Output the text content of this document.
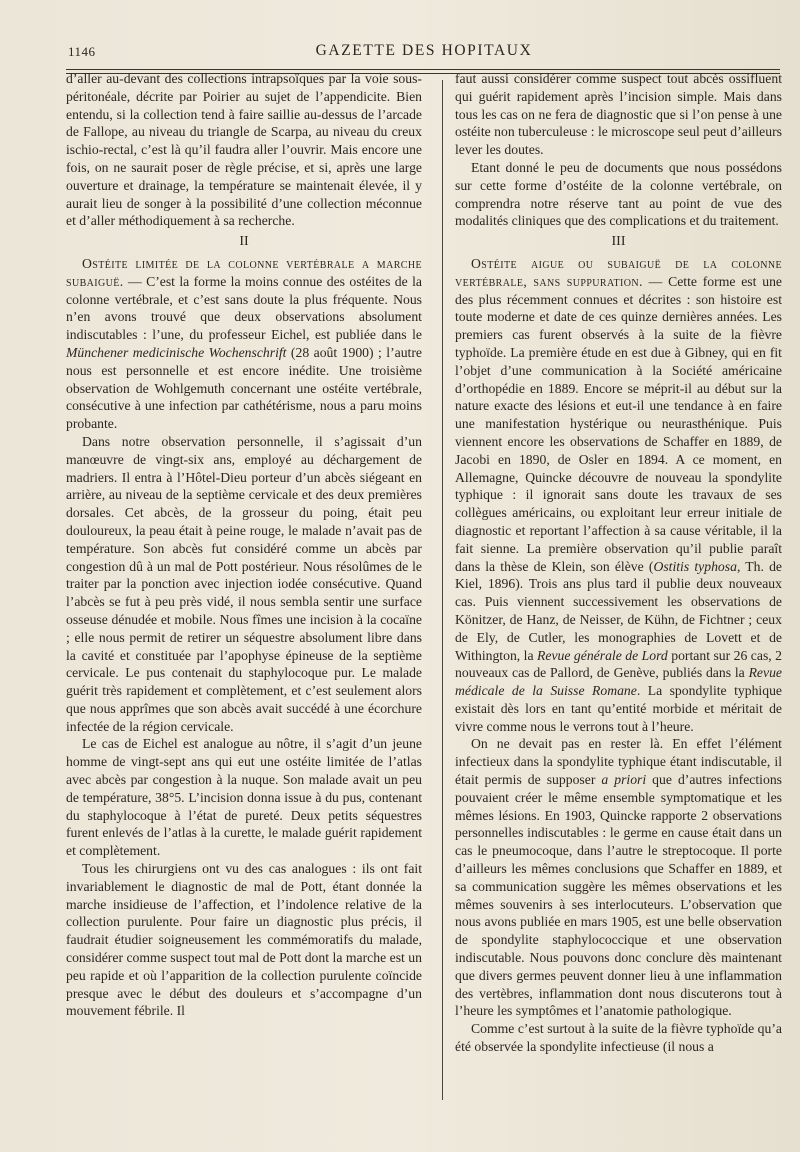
1146	GAZETTE DES HOPITAUX

d’aller au-devant des collections intrapsoïques par la voie sous-péritonéale, décrite par Poirier au sujet de l’appendicite. Bien entendu, si la collection tend à faire saillie au-dessus de l’arcade de Fallope, au niveau du triangle de Scarpa, au niveau du creux ischio-rectal, c’est là qu’il faudra aller l’ouvrir. Mais encore une fois, on ne saurait poser de règle précise, et si, après une large ouverture et drainage, la température se maintenait élevée, il y aurait lieu de songer à la possibilité d’une collection méconnue et d’aller méthodiquement à sa recherche.

II

Ostéite limitée de la colonne vertébrale a marche subaiguë. — C’est la forme la moins connue des ostéites de la colonne vertébrale, et c’est sans doute la plus fréquente. Nous n’en avons trouvé que deux observations absolument indiscutables : l’une, du professeur Eichel, est publiée dans le Münchener medicinische Wochenschrift (28 août 1900) ; l’autre nous est personnelle et est encore inédite. Une troisième observation de Wohlgemuth concernant une ostéite vertébrale, consécutive à une infection par cathétérisme, nous a paru moins probante.

Dans notre observation personnelle, il s’agissait d’un manœuvre de vingt-six ans, employé au déchargement de madriers. Il entra à l’Hôtel-Dieu porteur d’un abcès siégeant en arrière, au niveau de la septième cervicale et des deux premières dorsales. Cet abcès, de la grosseur du poing, était peu douloureux, la peau était à peine rouge, le malade n’avait pas de température. Son abcès fut considéré comme un abcès par congestion dû à un mal de Pott postérieur. Nous résolûmes de le traiter par la ponction avec injection iodée consécutive. Quand l’abcès se fut à peu près vidé, il nous sembla sentir une surface osseuse dénudée et mobile. Nous fîmes une incision à la cocaïne ; elle nous permit de retirer un séquestre absolument libre dans la cavité et constituée par l’apophyse épineuse de la septième cervicale. Le pus contenait du staphylocoque pur. Le malade guérit très rapidement et complètement, et c’est seulement alors que nous apprîmes que son abcès avait succédé à une écorchure infectée de la région cervicale.

Le cas de Eichel est analogue au nôtre, il s’agit d’un jeune homme de vingt-sept ans qui eut une ostéite limitée de l’atlas avec abcès par congestion à la nuque. Son malade avait un peu de température, 38°5. L’incision donna issue à du pus, contenant du staphylocoque à l’état de pureté. Deux petits séquestres furent enlevés de l’atlas à la curette, le malade guérit rapidement et complètement.

Tous les chirurgiens ont vu des cas analogues : ils ont fait invariablement le diagnostic de mal de Pott, étant donnée la marche insidieuse de l’affection, et l’indolence relative de la collection purulente. Pour faire un diagnostic plus précis, il faudrait étudier soigneusement les commémoratifs du malade, considérer comme suspect tout mal de Pott dont la marche est un peu rapide et où l’apparition de la collection purulente coïncide presque avec le début des douleurs et s’accompagne d’un mouvement fébrile. Il

faut aussi considérer comme suspect tout abcès ossifluent qui guérit rapidement après l’incision simple. Mais dans tous les cas on ne fera de diagnostic que si l’on pense à une ostéite non tuberculeuse : le microscope seul peut d’ailleurs lever les doutes.

Etant donné le peu de documents que nous possédons sur cette forme d’ostéite de la colonne vertébrale, on comprendra notre réserve tant au point de vue des modalités cliniques que des complications et du traitement.

III

Ostéite aigue ou subaiguë de la colonne vertébrale, sans suppuration. — Cette forme est une des plus récemment connues et décrites : son histoire est toute moderne et date de ces quinze dernières années. Les premiers cas furent observés à la suite de la fièvre typhoïde. La première étude en est due à Gibney, qui en fit l’objet d’une communication à la Société américaine d’orthopédie en 1889. Encore se méprit-il au début sur la nature exacte des lésions et eut-il une tendance à en faire une manifestation hystérique ou neurasthénique. Puis viennent encore les observations de Schaffer en 1889, de Jacobi en 1890, de Osler en 1894. A ce moment, en Allemagne, Quincke découvre de nouveau la spondylite typhique : il ignorait sans doute les travaux de ses collègues américains, ou exploitant leur erreur initiale de diagnostic et reportant l’affection à sa cause véritable, il la fait sienne. La première observation qu’il publie paraît dans la thèse de Klein, son élève (Ostitis typhosa, Th. de Kiel, 1896). Trois ans plus tard il publie deux nouveaux cas. Puis viennent successivement les observations de Könitzer, de Hanz, de Neisser, de Kühn, de Fichtner ; ceux de Ely, de Cutler, les monographies de Lovett et de Withington, la Revue générale de Lord portant sur 26 cas, 2 nouveaux cas de Pallord, de Genève, publiés dans la Revue médicale de la Suisse Romane. La spondylite typhique existait dès lors en tant qu’entité morbide et méritait de vivre comme nous le verrons tout à l’heure.

On ne devait pas en rester là. En effet l’élément infectieux dans la spondylite typhique étant indiscutable, il était permis de supposer a priori que d’autres infections pouvaient créer le même ensemble symptomatique et les mêmes lésions. En 1903, Quincke rapporte 2 observations personnelles indiscutables : le germe en cause était dans un cas le pneumocoque, dans l’autre le streptocoque. Il porte d’ailleurs les mêmes conclusions que Schaffer en 1889, et sa communication suggère les mêmes observations et les mêmes souvenirs à ses interlocuteurs. L’observation que nous avons publiée en mars 1905, est une belle observation de spondylite staphylococcique et une observation indiscutable. Nous pouvons donc conclure dès maintenant que divers germes peuvent donner lieu à une inflammation des vertèbres, inflammation dont nous discuterons tout à l’heure les symptômes et l’anatomie pathologique.

Comme c’est surtout à la suite de la fièvre typhoïde qu’a été observée la spondylite infectieuse (il nous a
